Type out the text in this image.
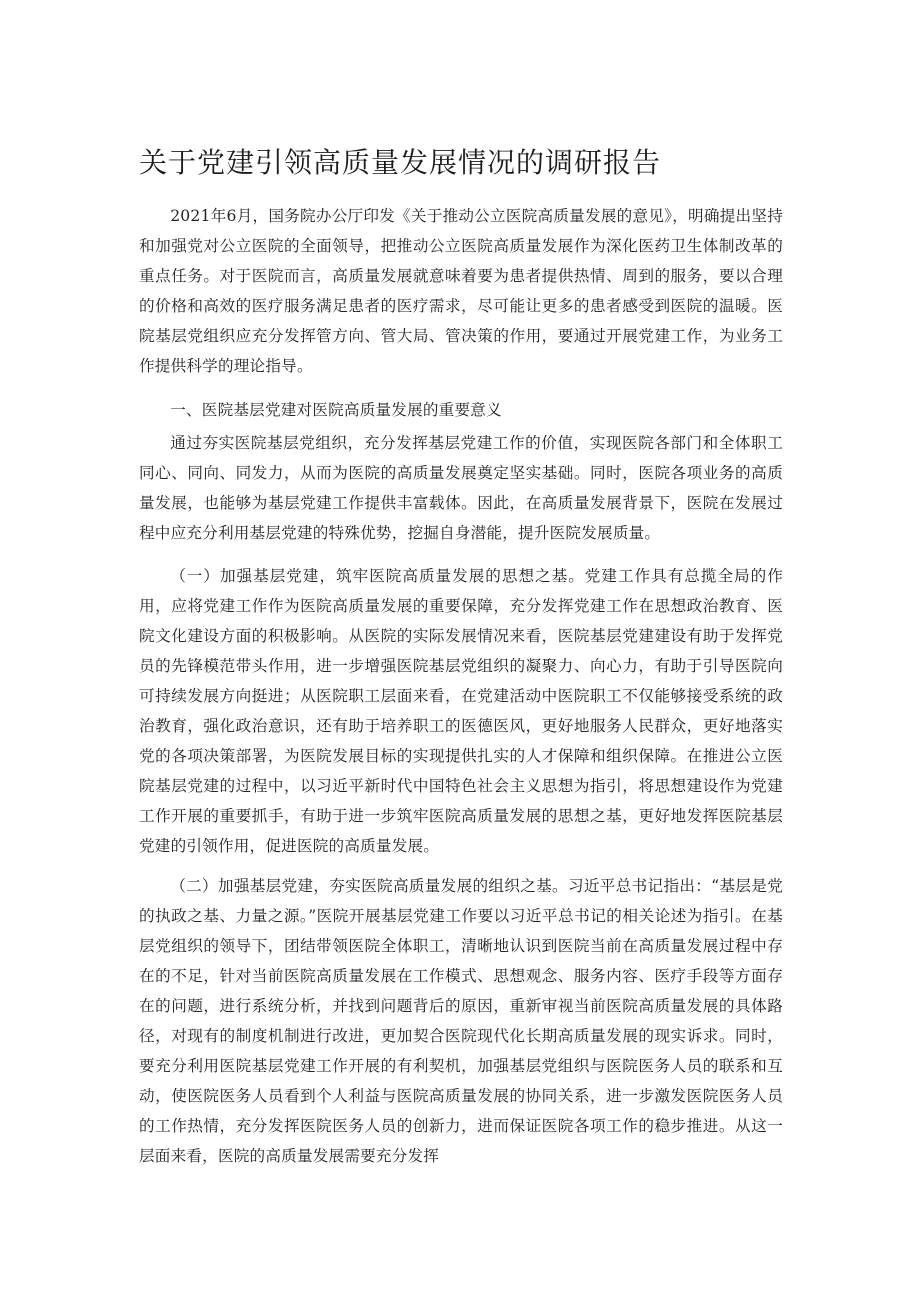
关于党建引领高质量发展情况的调研报告

2021年6月，国务院办公厅印发《关于推动公立医院高质量发展的意见》，明确提出坚持和加强党对公立医院的全面领导，把推动公立医院高质量发展作为深化医药卫生体制改革的重点任务。对于医院而言，高质量发展就意味着要为患者提供热情、周到的服务，要以合理的价格和高效的医疗服务满足患者的医疗需求，尽可能让更多的患者感受到医院的温暖。医院基层党组织应充分发挥管方向、管大局、管决策的作用，要通过开展党建工作，为业务工作提供科学的理论指导。

一、医院基层党建对医院高质量发展的重要意义

通过夯实医院基层党组织，充分发挥基层党建工作的价值，实现医院各部门和全体职工同心、同向、同发力，从而为医院的高质量发展奠定坚实基础。同时，医院各项业务的高质量发展，也能够为基层党建工作提供丰富载体。因此，在高质量发展背景下，医院在发展过程中应充分利用基层党建的特殊优势，挖掘自身潜能，提升医院发展质量。

（一）加强基层党建，筑牢医院高质量发展的思想之基。党建工作具有总揽全局的作用，应将党建工作作为医院高质量发展的重要保障，充分发挥党建工作在思想政治教育、医院文化建设方面的积极影响。从医院的实际发展情况来看，医院基层党建建设有助于发挥党员的先锋模范带头作用，进一步增强医院基层党组织的凝聚力、向心力，有助于引导医院向可持续发展方向挺进；从医院职工层面来看，在党建活动中医院职工不仅能够接受系统的政治教育，强化政治意识，还有助于培养职工的医德医风，更好地服务人民群众，更好地落实党的各项决策部署，为医院发展目标的实现提供扎实的人才保障和组织保障。在推进公立医院基层党建的过程中，以习近平新时代中国特色社会主义思想为指引，将思想建设作为党建工作开展的重要抓手，有助于进一步筑牢医院高质量发展的思想之基，更好地发挥医院基层党建的引领作用，促进医院的高质量发展。

（二）加强基层党建，夯实医院高质量发展的组织之基。习近平总书记指出：“基层是党的执政之基、力量之源。”医院开展基层党建工作要以习近平总书记的相关论述为指引。在基层党组织的领导下，团结带领医院全体职工，清晰地认识到医院当前在高质量发展过程中存在的不足，针对当前医院高质量发展在工作模式、思想观念、服务内容、医疗手段等方面存在的问题，进行系统分析，并找到问题背后的原因，重新审视当前医院高质量发展的具体路径，对现有的制度机制进行改进，更加契合医院现代化长期高质量发展的现实诉求。同时，要充分利用医院基层党建工作开展的有利契机，加强基层党组织与医院医务人员的联系和互动，使医院医务人员看到个人利益与医院高质量发展的协同关系，进一步激发医院医务人员的工作热情，充分发挥医院医务人员的创新力，进而保证医院各项工作的稳步推进。从这一层面来看，医院的高质量发展需要充分发挥
